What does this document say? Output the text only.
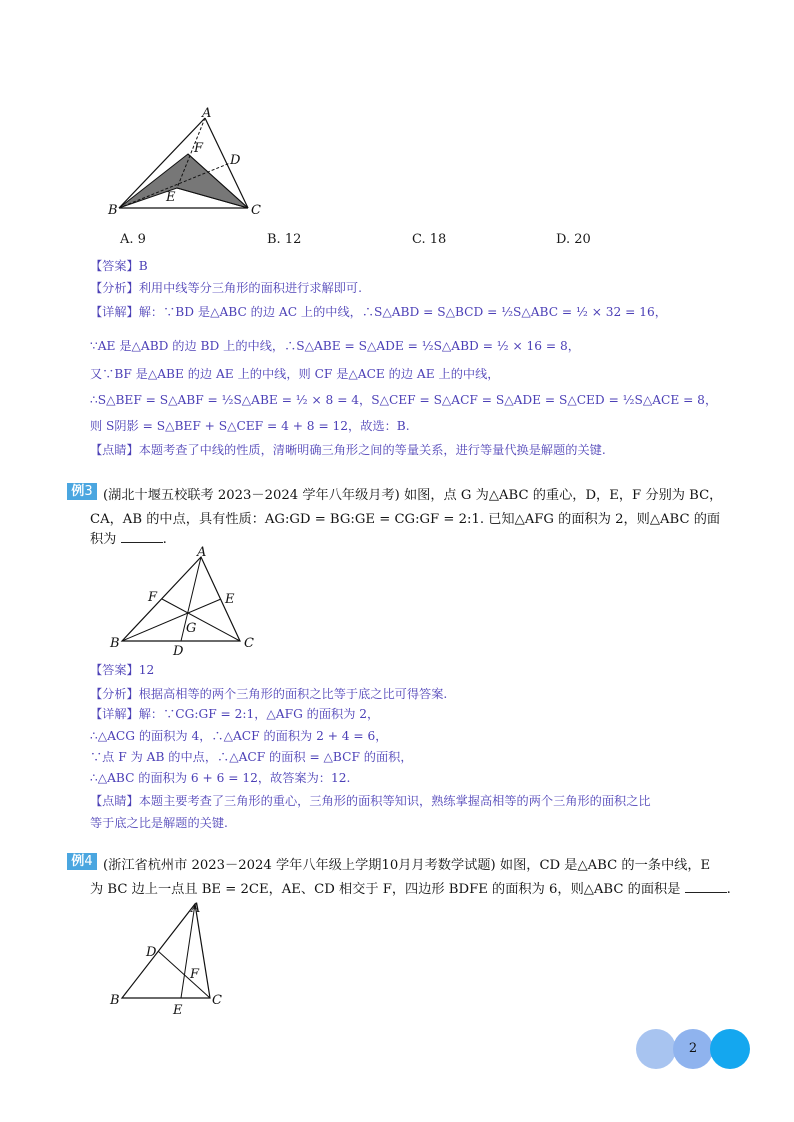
A
F
D
E
B	C
A. 9	B. 12	C. 18	D. 20
【答案】B
【分析】利用中线等分三角形的面积进行求解即可.
【详解】解：∵BD 是△ABC 的边 AC 上的中线，∴S△ABD = S△BCD = ½S△ABC = ½ × 32 = 16，
∵AE 是△ABD 的边 BD 上的中线，∴S△ABE = S△ADE = ½S△ABD = ½ × 16 = 8，
又∵BF 是△ABE 的边 AE 上的中线，则 CF 是△ACE 的边 AE 上的中线，
∴S△BEF = S△ABF = ½S△ABE = ½ × 8 = 4，S△CEF = S△ACF = S△ADE = S△CED = ½S△ACE = 8，
则 S阴影 = S△BEF + S△CEF = 4 + 8 = 12，故选：B.
【点睛】本题考查了中线的性质，清晰明确三角形之间的等量关系，进行等量代换是解题的关键.
例3 (湖北十堰五校联考 2023－2024 学年八年级月考) 如图，点 G 为△ABC 的重心，D，E，F 分别为 BC，
CA，AB 的中点，具有性质：AG:GD = BG:GE = CG:GF = 2:1. 已知△AFG 的面积为 2，则△ABC 的面
积为	.
A
F	E
G
B	C
D
【答案】12
【分析】根据高相等的两个三角形的面积之比等于底之比可得答案.
【详解】解：∵CG:GF = 2:1，△AFG 的面积为 2，
∴△ACG 的面积为 4，∴△ACF 的面积为 2 + 4 = 6，
∵点 F 为 AB 的中点，∴△ACF 的面积 = △BCF 的面积，
∴△ABC 的面积为 6 + 6 = 12，故答案为：12.
【点睛】本题主要考查了三角形的重心，三角形的面积等知识，熟练掌握高相等的两个三角形的面积之比
等于底之比是解题的关键.
例4 (浙江省杭州市 2023－2024 学年八年级上学期10月月考数学试题) 如图，CD 是△ABC 的一条中线，E
为 BC 边上一点且 BE = 2CE，AE、CD 相交于 F，四边形 BDFE 的面积为 6，则△ABC 的面积是	.
A
D
F
B	C
E
2
